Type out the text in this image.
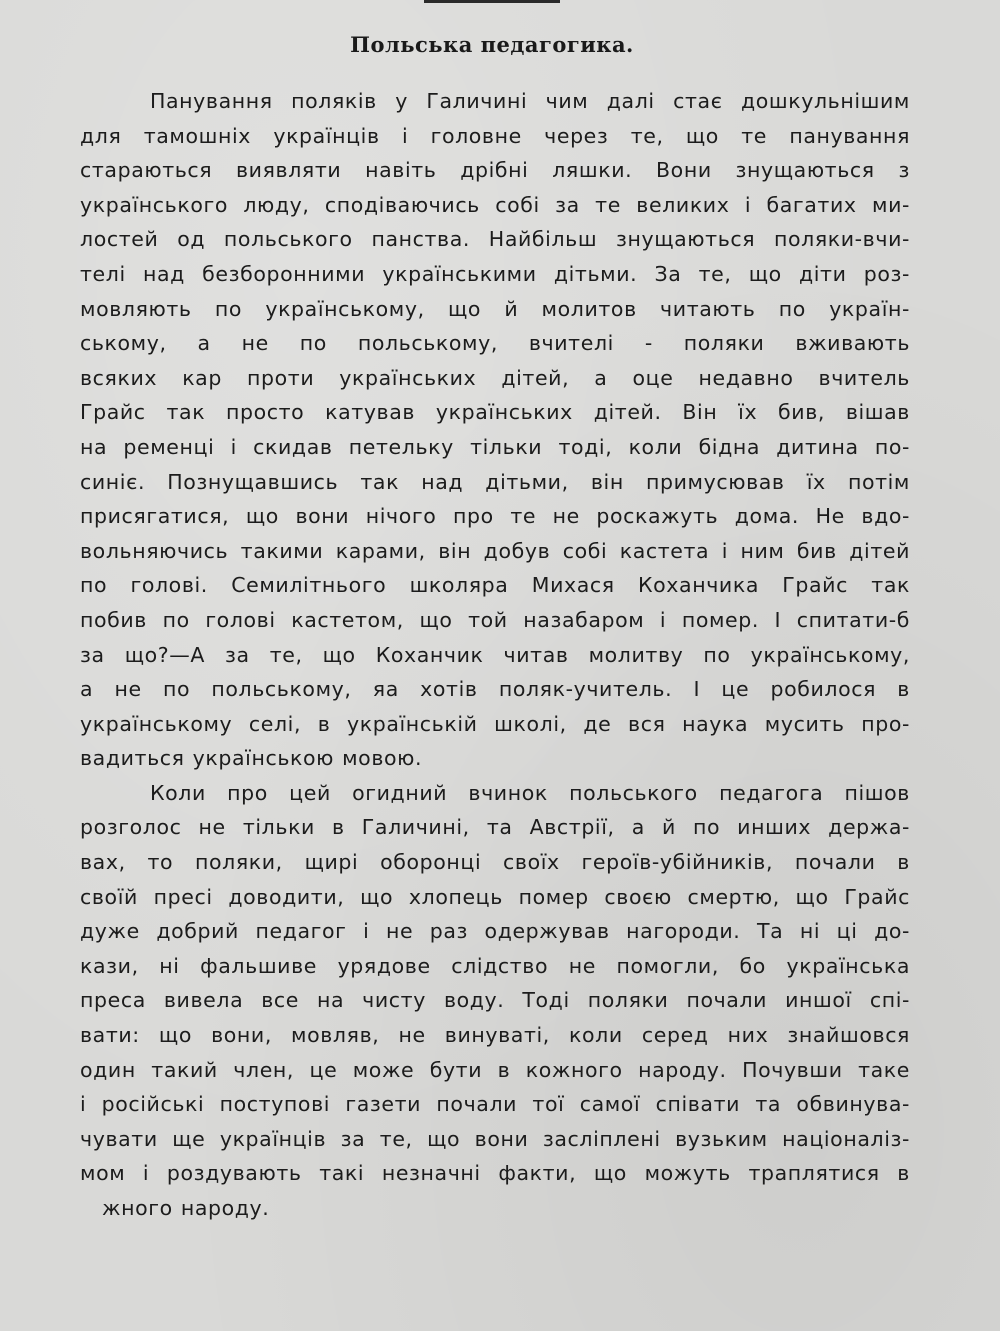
Польська педагогика.
Панування поляків у Галичині чим далі стає дошкульнішим
для тамошніх українців і головне через те, що те панування
стараються виявляти навіть дрібні ляшки. Вони знущаються з
українського люду, сподіваючись собі за те великих і багатих ми-
лостей од польського панства. Найбільш знущаються поляки-вчи-
телі над безборонними українськими дітьми. За те, що діти роз-
мовляють по українському, що й молитов читають по україн-
ському, а не по польському, вчителі - поляки вживають
всяких кар проти українських дітей, а оце недавно вчитель
Грайс так просто катував українських дітей. Він їх бив, вішав
на ременці і скидав петельку тільки тоді, коли бідна дитина по-
синіє. Познущавшись так над дітьми, він примусював їх потім
присягатися, що вони нічого про те не роскажуть дома. Не вдо-
вольняючись такими карами, він добув собі кастета і ним бив дітей
по голові. Семилітнього школяра Михася Коханчика Грайс так
побив по голові кастетом, що той назабаром і помер. І спитати-б
за що?—А за те, що Коханчик читав молитву по українському,
а не по польському, яа хотів поляк-учитель. І це робилося в
українському селі, в українській школі, де вся наука мусить про-
вадиться українською мовою.
Коли про цей огидний вчинок польського педагога пішов
розголос не тільки в Галичині, та Австрії, а й по инших держа-
вах, то поляки, щирі оборонці своїх героїв-убійників, почали в
своїй пресі доводити, що хлопець помер своєю смертю, що Грайс
дуже добрий педагог і не раз одержував нагороди. Та ні ці до-
кази, ні фальшиве урядове слідство не помогли, бо українська
преса вивела все на чисту воду. Тоді поляки почали иншої спі-
вати: що вони, мовляв, не винуваті, коли серед них знайшовся
один такий член, це може бути в кожного народу. Почувши таке
і російські поступові газети почали тої самої співати та обвинува-
чувати ще українців за те, що вони засліплені вузьким націоналіз-
мом і роздувають такі незначні факти, що можуть траплятися в
жного народу.
